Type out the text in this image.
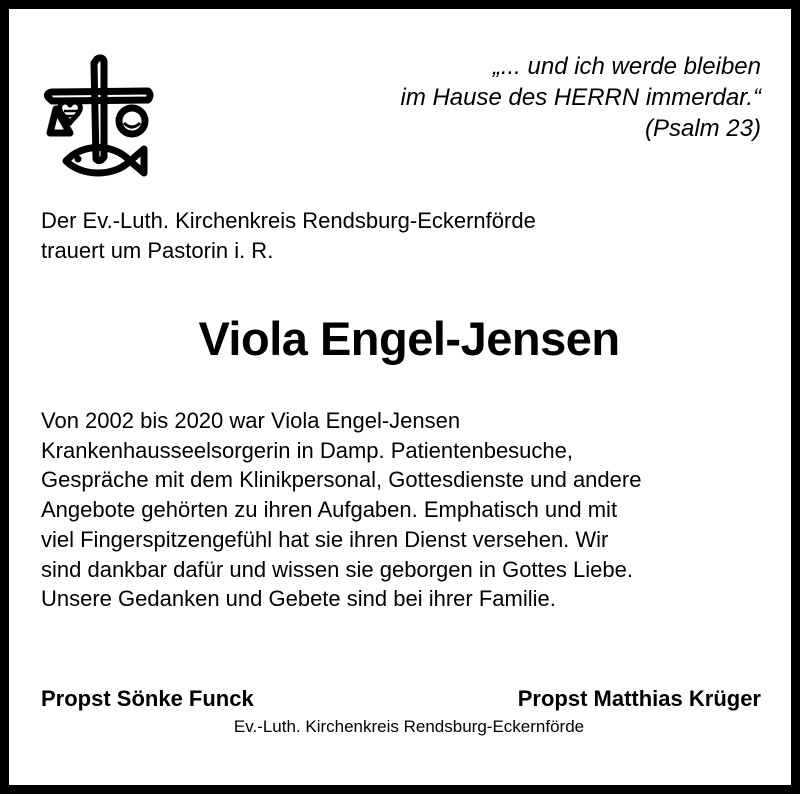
„... und ich werde bleiben
im Hause des HERRN immerdar.“
(Psalm 23)
Der Ev.-Luth. Kirchenkreis Rendsburg-Eckernförde
trauert um Pastorin i. R.
Viola Engel-Jensen
Von 2002 bis 2020 war Viola Engel-Jensen
Krankenhausseelsorgerin in Damp. Patientenbesuche,
Gespräche mit dem Klinikpersonal, Gottesdienste und andere
Angebote gehörten zu ihren Aufgaben. Emphatisch und mit
viel Fingerspitzengefühl hat sie ihren Dienst versehen. Wir
sind dankbar dafür und wissen sie geborgen in Gottes Liebe.
Unsere Gedanken und Gebete sind bei ihrer Familie.
Propst Sönke Funck	Propst Matthias Krüger
Ev.-Luth. Kirchenkreis Rendsburg-Eckernförde
